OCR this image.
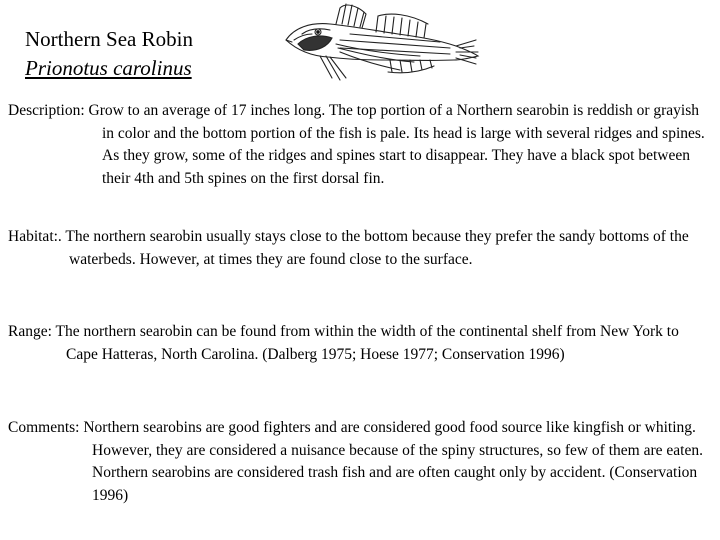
Northern Sea Robin
Prionotus carolinus

Description: Grow to an average of 17 inches long. The top portion of a Northern searobin is reddish or grayish in color and the bottom portion of the fish is pale. Its head is large with several ridges and spines. As they grow, some of the ridges and spines start to disappear. They have a black spot between their 4th and 5th spines on the first dorsal fin.

Habitat:. The northern searobin usually stays close to the bottom because they prefer the sandy bottoms of the waterbeds. However, at times they are found close to the surface.

Range: The northern searobin can be found from within the width of the continental shelf from New York to Cape Hatteras, North Carolina. (Dalberg 1975; Hoese 1977; Conservation 1996)

Comments: Northern searobins are good fighters and are considered good food source like kingfish or whiting. However, they are considered a nuisance because of the spiny structures, so few of them are eaten. Northern searobins are considered trash fish and are often caught only by accident. (Conservation 1996)
